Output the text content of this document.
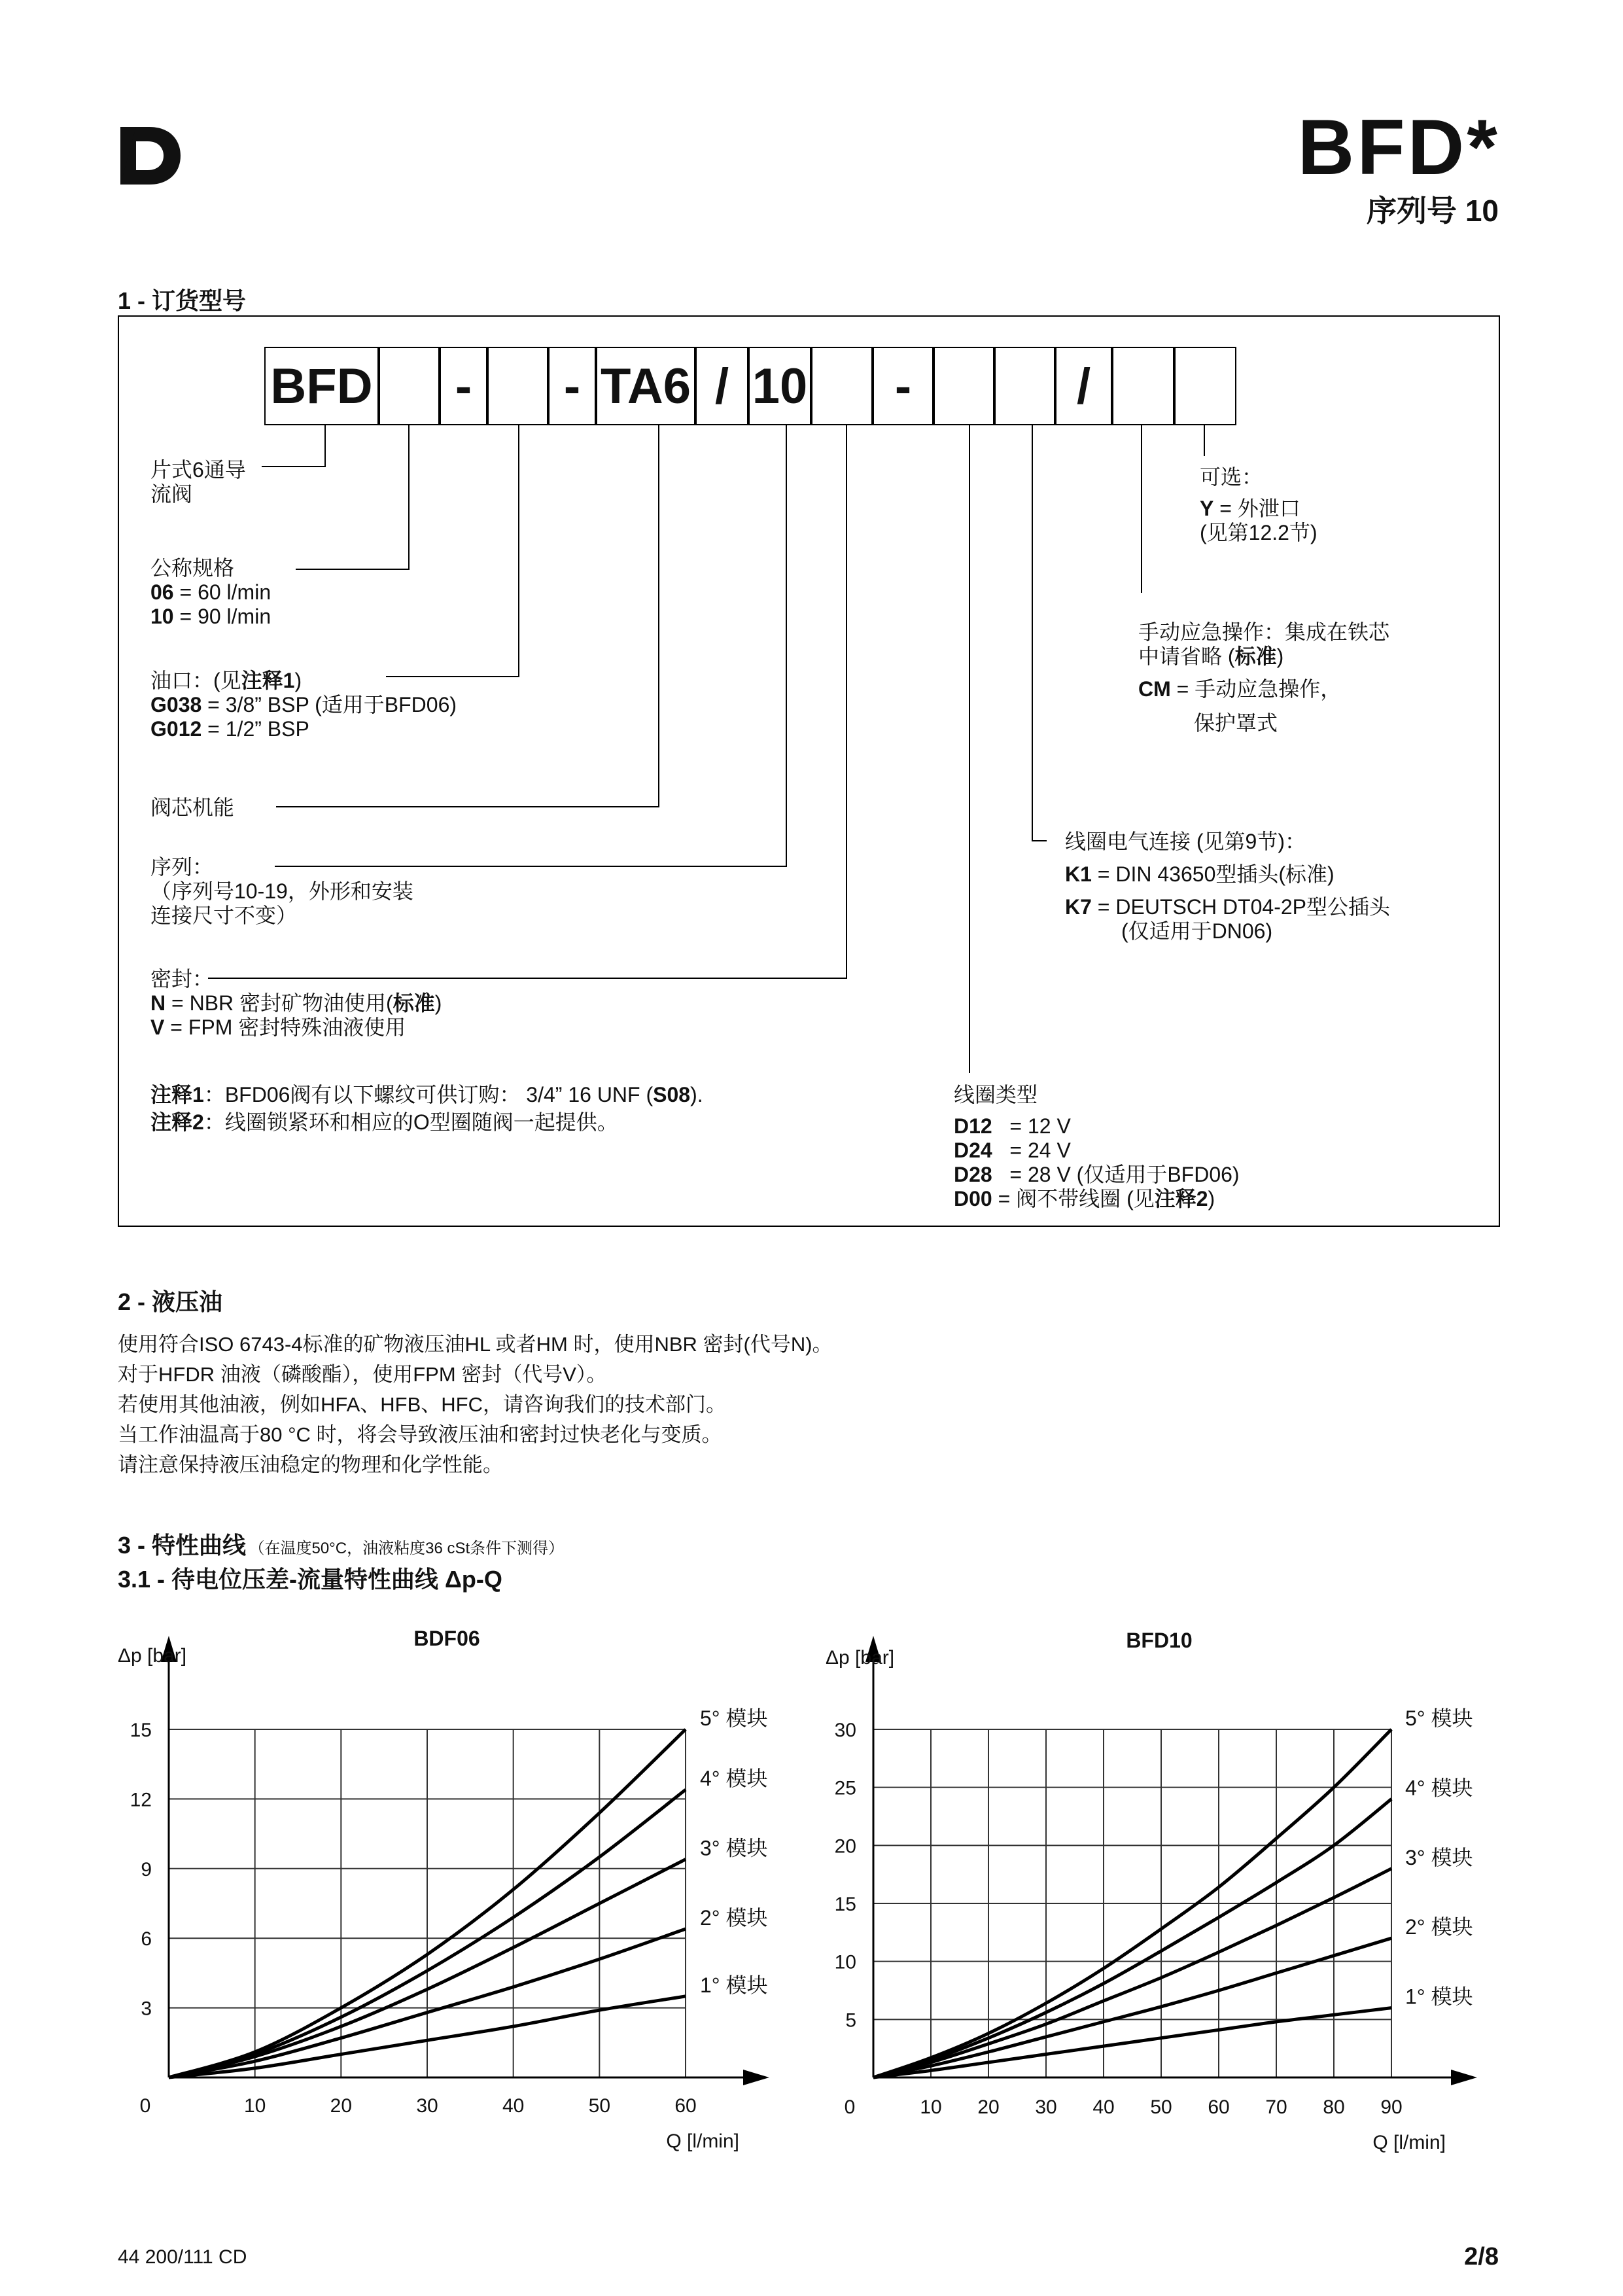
BFD*
序列号 10
1 - 订货型号
BFD	-	- TA6 / 10	-	/
片式6通导
流阀
公称规格
06 = 60 l/min
10 = 90 l/min
油口：(见注释1)
G038 = 3/8” BSP (适用于BFD06)
G012 = 1/2” BSP
阀芯机能
序列：
（序列号10-19，外形和安装
连接尺寸不变）
密封：
N = NBR 密封矿物油使用(标准)
V = FPM 密封特殊油液使用
注释1：BFD06阀有以下螺纹可供订购： 3/4” 16 UNF (S08).
注释2：线圈锁紧环和相应的O型圈随阀一起提供。
可选：
Y = 外泄口
(见第12.2节)
手动应急操作：集成在铁芯
中请省略 (标准)
CM = 手动应急操作，
保护罩式
线圈电气连接 (见第9节)：
K1 = DIN 43650型插头(标准)
K7 = DEUTSCH DT04-2P型公插头
(仅适用于DN06)
线圈类型
D12   = 12 V
D24   = 24 V
D28   = 28 V (仅适用于BFD06)
D00 = 阀不带线圈 (见注释2)
2 - 液压油
使用符合ISO 6743-4标准的矿物液压油HL 或者HM 时，使用NBR 密封(代号N)。
对于HFDR 油液（磷酸酯），使用FPM 密封（代号V）。
若使用其他油液，例如HFA、HFB、HFC，请咨询我们的技术部门。
当工作油温高于80 °C 时，将会导致液压油和密封过快老化与变质。
请注意保持液压油稳定的物理和化学性能。
3 - 特性曲线 （在温度50°C，油液粘度36 cSt条件下测得）
3.1 - 待电位压差-流量特性曲线 Δp-Q
0	10	20	30	40	50	60
3
6
9
12
15
BDF06
Δp [bar]
Q [l/min]
1° 模块
2° 模块
3° 模块
4° 模块
5° 模块
0	10 20 30 40 50 60 70 80 90
5
10
15
20
25
30
BFD10
Δp [bar]
Q [l/min]
1° 模块
2° 模块
3° 模块
4° 模块
5° 模块
44 200/111 CD	2/8
